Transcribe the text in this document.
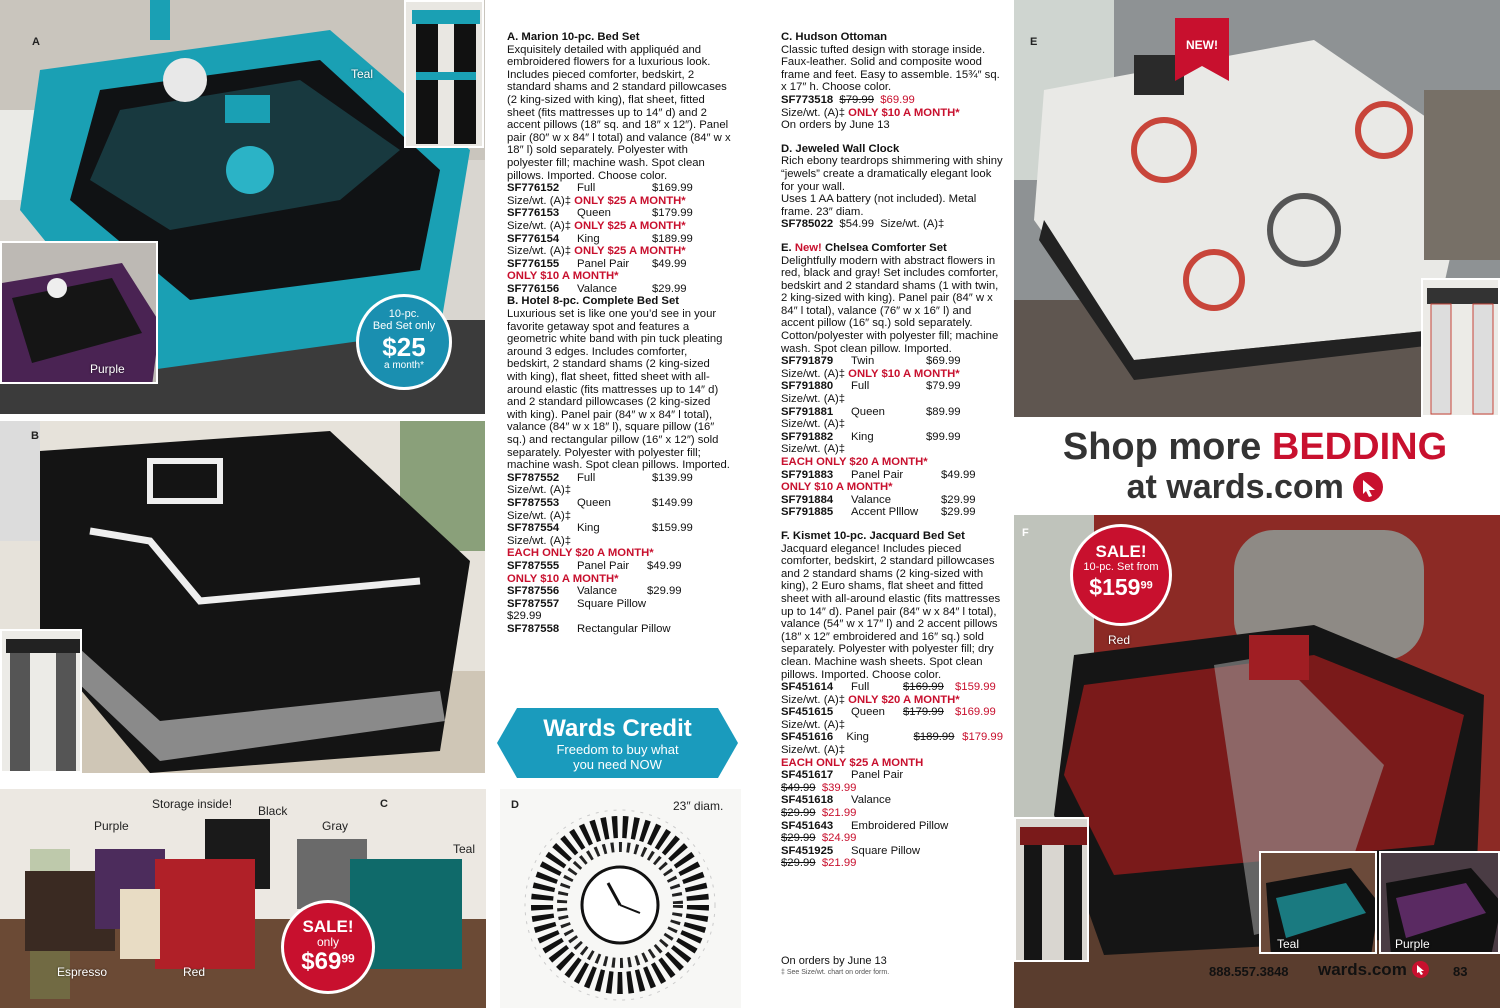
A
Teal
Purple
10-pc.
Bed Set only
$25
a month*
B
C
Storage inside!
Purple
Black
Gray
Teal
Espresso	Red
SALE!
only
$\$69^{99}$
D	23″ diam.
Wards Credit
Freedom to buy what
you need NOW

A. Marion 10-pc. Bed Set

Exquisitely detailed with appliquéd and embroidered flowers for a luxurious look. Includes pieced comforter, bedskirt, 2 standard shams and 2 standard pillowcases (2 king-sized with king), flat sheet, fitted sheet (fits mattresses up to 14″ d) and 2 accent pillows (18″ sq. and 18″ x 12″). Panel pair (80″ w x 84″ l total) and valance (84″ w x 18″ l) sold separately. Polyester with polyester fill; machine wash. Spot clean pillows. Imported. Choose color.

SF776152	Full	$169.99

Size/wt. (A)‡ ONLY $25 A MONTH*

SF776153	Queen	$179.99

Size/wt. (A)‡ ONLY $25 A MONTH*

SF776154	King	$189.99

Size/wt. (A)‡ ONLY $25 A MONTH*

SF776155	Panel Pair	$49.99

ONLY $10 A MONTH*

SF776156	Valance	$29.99

B. Hotel 8-pc. Complete Bed Set

Luxurious set is like one you’d see in your favorite getaway spot and features a geometric white band with pin tuck pleating around 3 edges. Includes comforter, bedskirt, 2 standard shams (2 king-sized with king), flat sheet, fitted sheet with all-around elastic (fits mattresses up to 14″ d) and 2 standard pillowcases (2 king-sized with king). Panel pair (84″ w x 84″ l total), valance (84″ w x 18″ l), square pillow (16″ sq.) and rectangular pillow (16″ x 12″) sold separately. Polyester with polyester fill; machine wash. Spot clean pillows. Imported.

SF787552	Full	$139.99

Size/wt. (A)‡

SF787553	Queen	$149.99

Size/wt. (A)‡

SF787554	King	$159.99

Size/wt. (A)‡

EACH ONLY $20 A MONTH*

SF787555	Panel Pair	$49.99

ONLY $10 A MONTH*

SF787556	Valance	$29.99
SF787557	Square Pillow

$29.99

SF787558	Rectangular Pillow

C. Hudson Ottoman

Classic tufted design with storage inside. Faux-leather. Solid and composite wood frame and feet. Easy to assemble. 15¾″ sq. x 17″ h. Choose color.

SF773518 $79.99 $69.99

Size/wt. (A)‡ ONLY $10 A MONTH*

On orders by June 13

D. Jeweled Wall Clock

Rich ebony teardrops shimmering with shiny “jewels” create a dramatically elegant look for your wall.

Uses 1 AA battery (not included). Metal frame. 23″ diam.

SF785022 $54.99 Size/wt. (A)‡

E. New! Chelsea Comforter Set

Delightfully modern with abstract flowers in red, black and gray! Set includes comforter, bedskirt and 2 standard shams (1 with twin, 2 king-sized with king). Panel pair (84″ w x 84″ l total), valance (76″ w x 16″ l) and accent pillow (16″ sq.) sold separately. Cotton/polyester with polyester fill; machine wash. Spot clean pillow. Imported.

SF791879	Twin	$69.99

Size/wt. (A)‡ ONLY $10 A MONTH*

SF791880	Full	$79.99

Size/wt. (A)‡

SF791881	Queen	$89.99

Size/wt. (A)‡

SF791882	King	$99.99

Size/wt. (A)‡

EACH ONLY $20 A MONTH*

SF791883	Panel Pair	$49.99

ONLY $10 A MONTH*

SF791884	Valance	$29.99
SF791885	Accent Plllow	$29.99

F. Kismet 10-pc. Jacquard Bed Set

Jacquard elegance! Includes pieced comforter, bedskirt, 2 standard pillowcases and 2 standard shams (2 king-sized with king), 2 Euro shams, flat sheet and fitted sheet with all-around elastic (fits mattresses up to 14″ d). Panel pair (84″ w x 84″ l total), valance (54″ w x 17″ l) and 2 accent pillows

(18″ x 12″ embroidered and 16″ sq.) sold separately. Polyester with polyester fill; dry clean. Machine wash sheets. Spot clean pillows. Imported. Choose color.

SF451614	Full	$169.99 $159.99

Size/wt. (A)‡ ONLY $20 A MONTH*

SF451615	Queen	$179.99 $169.99

Size/wt. (A)‡

SF451616	King	$189.99 $179.99

Size/wt. (A)‡

EACH ONLY $25 A MONTH

SF451617	Panel Pair

$49.99 $39.99

SF451618	Valance

$29.99 $21.99

SF451643	Embroidered Pillow

$29.99 $24.99

SF451925	Square Pillow

$29.99 $21.99

On orders by June 13
‡ See Size/wt. chart on order form.
E	NEW!
Shop more BEDDING
at wards.com
F
Red
SALE!
10-pc. Set from
$\$159^{99}$
Teal	Purple
888.557.3848 wards.com	83
